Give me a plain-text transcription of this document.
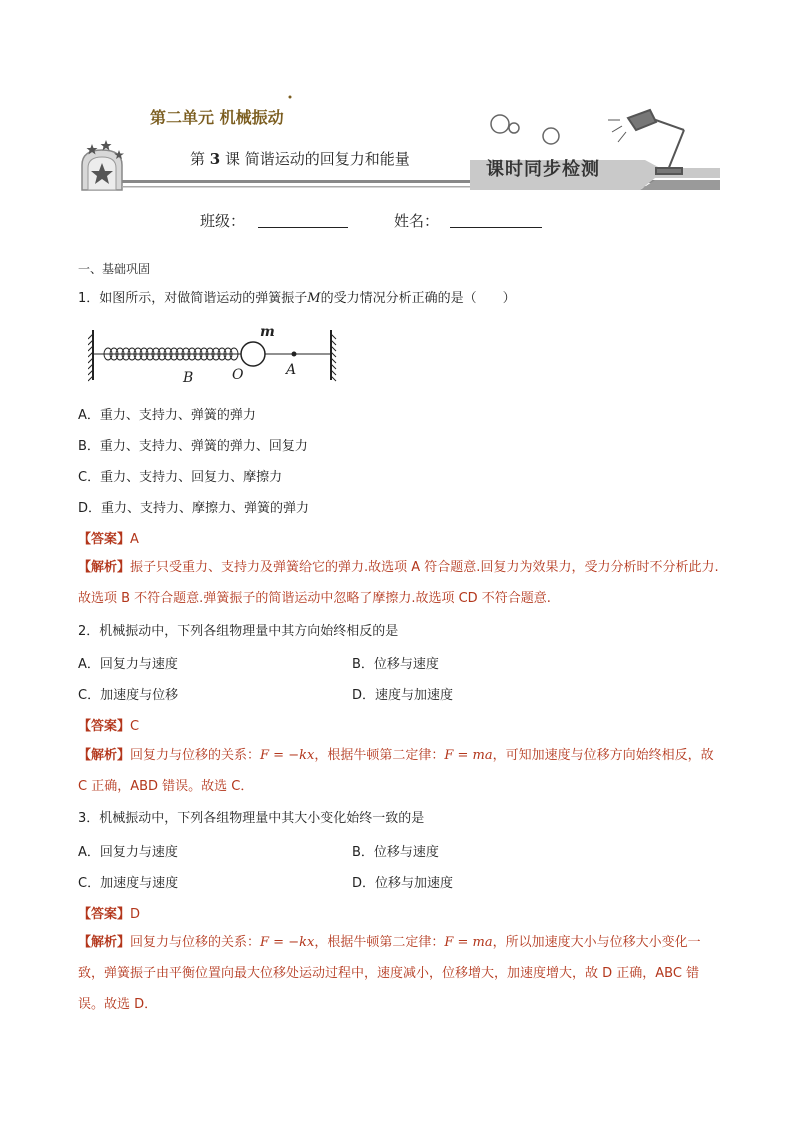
第二单元 机械振动
第 3 课 简谐运动的回复力和能量	课时同步检测
班级：	姓名：
一、基础巩固
1．如图所示，对做简谐运动的弹簧振子M的受力情况分析正确的是（　　）
m
B	O	A
A．重力、支持力、弹簧的弹力
B．重力、支持力、弹簧的弹力、回复力
C．重力、支持力、回复力、摩擦力
D．重力、支持力、摩擦力、弹簧的弹力
【答案】A
【解析】振子只受重力、支持力及弹簧给它的弹力.故选项 A 符合题意.回复力为效果力，受力分析时不分析此力. 故选项 B 不符合题意.弹簧振子的简谐运动中忽略了摩擦力.故选项 CD 不符合题意.
2．机械振动中，下列各组物理量中其方向始终相反的是
A．回复力与速度	B．位移与速度
C．加速度与位移	D．速度与加速度
【答案】C
【解析】回复力与位移的关系：F = −kx，根据牛顿第二定律：F = ma，可知加速度与位移方向始终相反，故 C 正确，ABD 错误。故选 C．
3．机械振动中，下列各组物理量中其大小变化始终一致的是
A．回复力与速度	B．位移与速度
C．加速度与速度	D．位移与加速度
【答案】D
【解析】回复力与位移的关系：F = −kx，根据牛顿第二定律：F = ma，所以加速度大小与位移大小变化一致，弹簧振子由平衡位置向最大位移处运动过程中，速度减小，位移增大，加速度增大，故 D 正确，ABC 错误。故选 D．
